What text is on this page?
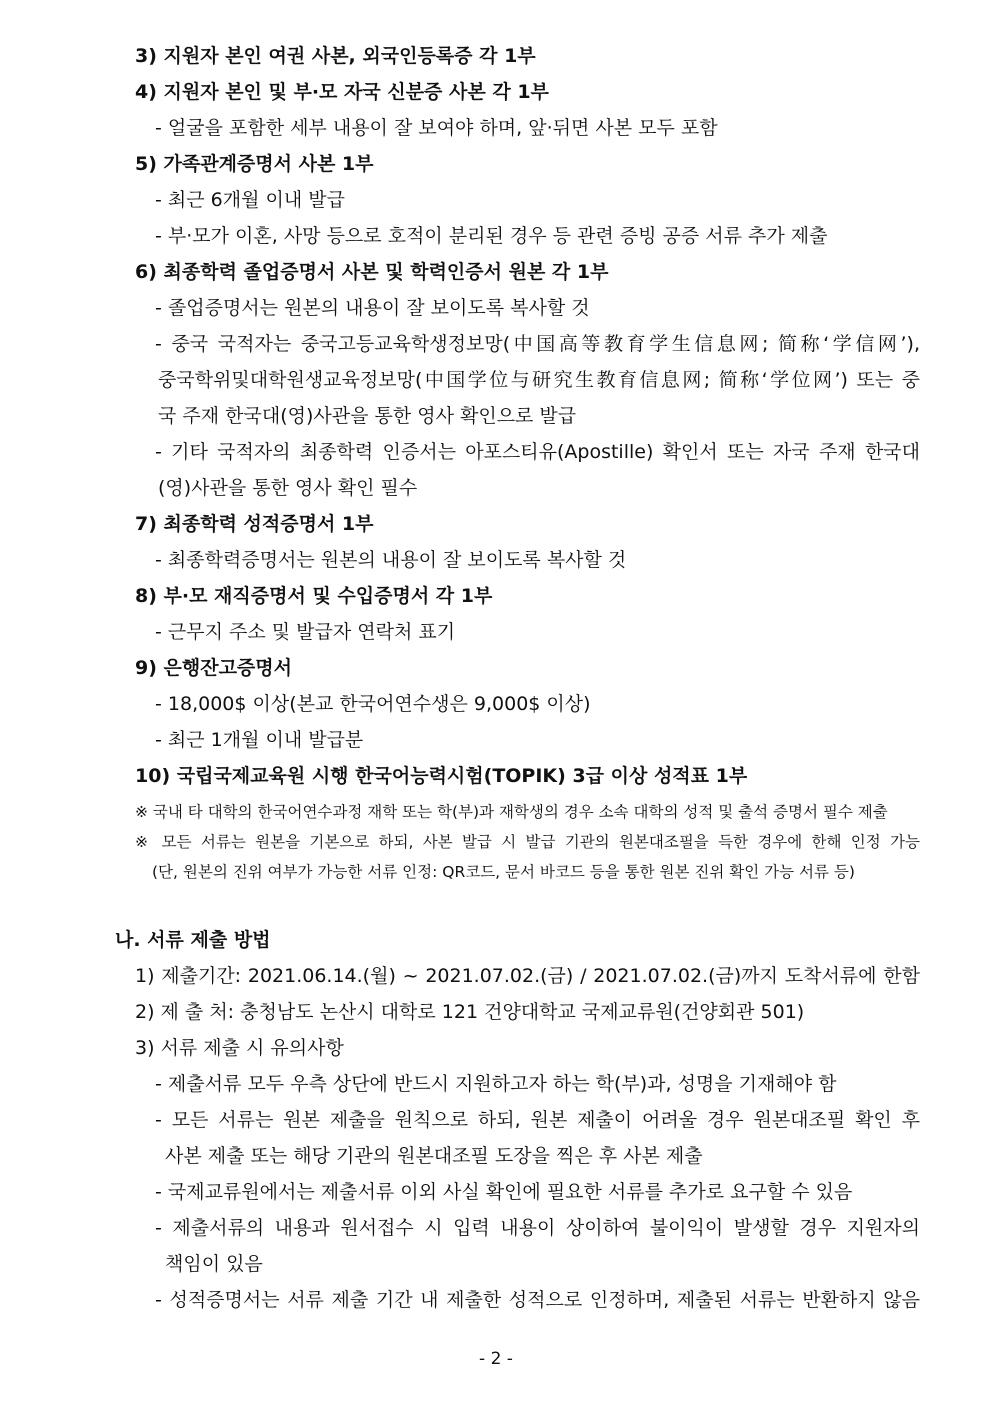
3) 지원자 본인 여권 사본, 외국인등록증 각 1부
4) 지원자 본인 및 부·모 자국 신분증 사본 각 1부
- 얼굴을 포함한 세부 내용이 잘 보여야 하며, 앞·뒤면 사본 모두 포함
5) 가족관계증명서 사본 1부
- 최근 6개월 이내 발급
- 부·모가 이혼, 사망 등으로 호적이 분리된 경우 등 관련 증빙 공증 서류 추가 제출
6) 최종학력 졸업증명서 사본 및 학력인증서 원본 각 1부
- 졸업증명서는 원본의 내용이 잘 보이도록 복사할 것
- 중국 국적자는 중국고등교육학생정보망(中国高等教育学生信息网; 简称‘学信网’),
중국학위및대학원생교육정보망(中国学位与研究生教育信息网; 简称‘学位网’) 또는 중
국 주재 한국대(영)사관을 통한 영사 확인으로 발급
- 기타 국적자의 최종학력 인증서는 아포스티유(Apostille) 확인서 또는 자국 주재 한국대
(영)사관을 통한 영사 확인 필수
7) 최종학력 성적증명서 1부
- 최종학력증명서는 원본의 내용이 잘 보이도록 복사할 것
8) 부·모 재직증명서 및 수입증명서 각 1부
- 근무지 주소 및 발급자 연락처 표기
9) 은행잔고증명서
- 18,000$ 이상(본교 한국어연수생은 9,000$ 이상)
- 최근 1개월 이내 발급분
10) 국립국제교육원 시행 한국어능력시험(TOPIK) 3급 이상 성적표 1부
※ 국내 타 대학의 한국어연수과정 재학 또는 학(부)과 재학생의 경우 소속 대학의 성적 및 출석 증명서 필수 제출
※ 모든 서류는 원본을 기본으로 하되, 사본 발급 시 발급 기관의 원본대조필을 득한 경우에 한해 인정 가능
(단, 원본의 진위 여부가 가능한 서류 인정: QR코드, 문서 바코드 등을 통한 원본 진위 확인 가능 서류 등)
나. 서류 제출 방법
1) 제출기간: 2021.06.14.(월) ~ 2021.07.02.(금) / 2021.07.02.(금)까지 도착서류에 한함
2) 제 출 처: 충청남도 논산시 대학로 121 건양대학교 국제교류원(건양회관 501)
3) 서류 제출 시 유의사항
- 제출서류 모두 우측 상단에 반드시 지원하고자 하는 학(부)과, 성명을 기재해야 함
- 모든 서류는 원본 제출을 원칙으로 하되, 원본 제출이 어려울 경우 원본대조필 확인 후
사본 제출 또는 해당 기관의 원본대조필 도장을 찍은 후 사본 제출
- 국제교류원에서는 제출서류 이외 사실 확인에 필요한 서류를 추가로 요구할 수 있음
- 제출서류의 내용과 원서접수 시 입력 내용이 상이하여 불이익이 발생할 경우 지원자의
책임이 있음
- 성적증명서는 서류 제출 기간 내 제출한 성적으로 인정하며, 제출된 서류는 반환하지 않음
- 2 -
